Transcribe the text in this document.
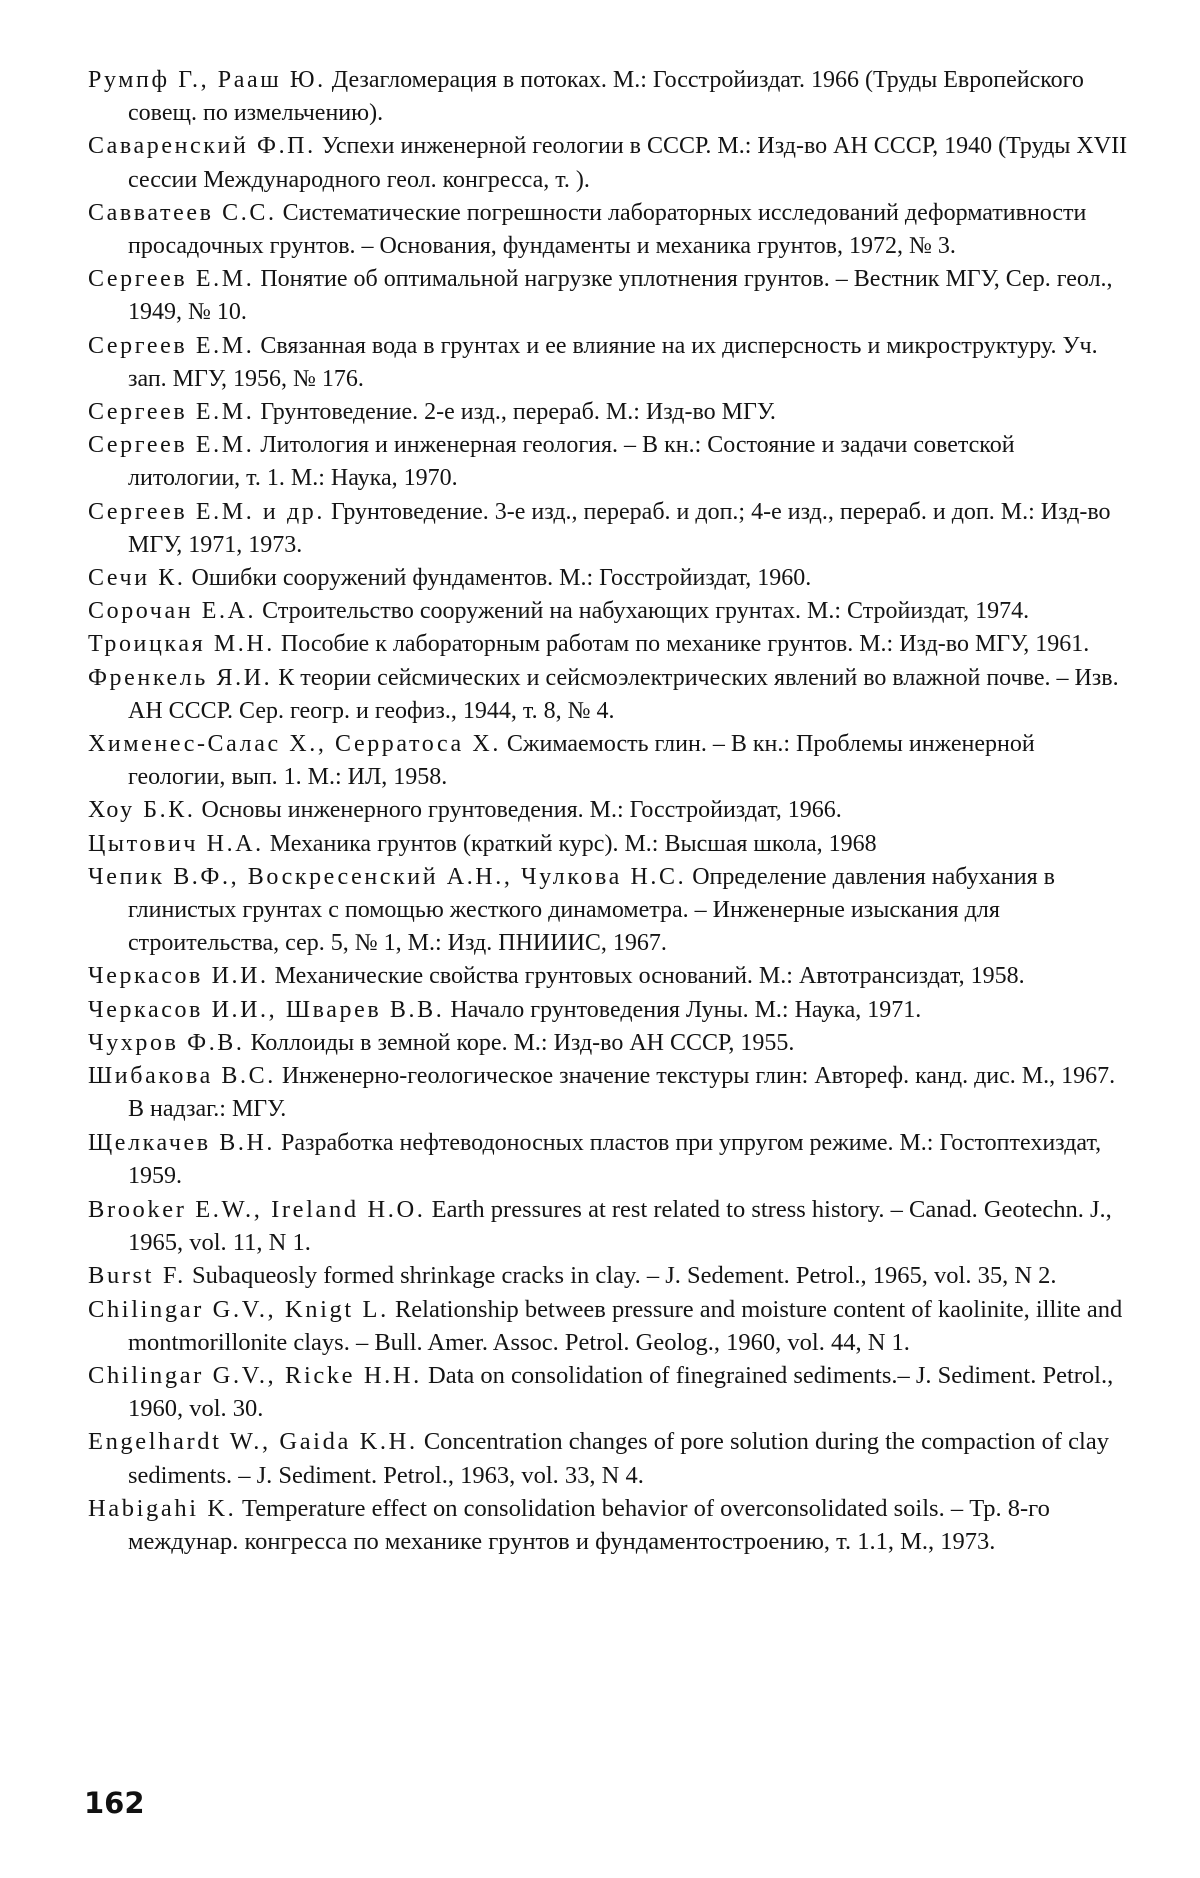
Румпф Г., Рааш Ю. Дезагломерация в потоках. М.: Госстройиздат. 1966 (Труды Европейского совещ. по измельчению).

Саваренский Ф.П. Успехи инженерной геологии в СССР. М.: Изд-во АН СССР, 1940 (Труды XVII сессии Международного геол. конгресса, т. ).

Савватеев С.С. Систематические погрешности лабораторных исследований деформативности просадочных грунтов. – Основания, фундаменты и механика грунтов, 1972, № 3.

Сергеев Е.М. Понятие об оптимальной нагрузке уплотнения грунтов. – Вестник МГУ, Сер. геол., 1949, № 10.

Сергеев Е.М. Связанная вода в грунтах и ее влияние на их дисперсность и микроструктуру. Уч. зап. МГУ, 1956, № 176.

Сергеев Е.М. Грунтоведение. 2-е изд., перераб. М.: Изд-во МГУ.

Сергеев Е.М. Литология и инженерная геология. – В кн.: Состояние и задачи советской литологии, т. 1. М.: Наука, 1970.

Сергеев Е.М. и др. Грунтоведение. 3-е изд., перераб. и доп.; 4-е изд., перераб. и доп. М.: Изд-во МГУ, 1971, 1973.

Сечи К. Ошибки сооружений фундаментов. М.: Госстройиздат, 1960.

Сорочан Е.А. Строительство сооружений на набухающих грунтах. М.: Стройиздат, 1974.

Троицкая М.Н. Пособие к лабораторным работам по механике грунтов. М.: Изд-во МГУ, 1961.

Френкель Я.И. К теории сейсмических и сейсмоэлектрических явлений во влажной почве. – Изв. АН СССР. Сер. геогр. и геофиз., 1944, т. 8, № 4.

Хименес-Салас Х., Серратоса Х. Сжимаемость глин. – В кн.: Проблемы инженерной геологии, вып. 1. М.: ИЛ, 1958.

Хоу Б.К. Основы инженерного грунтоведения. М.: Госстройиздат, 1966.

Цытович Н.А. Механика грунтов (краткий курс). М.: Высшая школа, 1968

Чепик В.Ф., Воскресенский А.Н., Чулкова Н.С. Определение давления набухания в глинистых грунтах с помощью жесткого динамометра. – Инженерные изыскания для строительства, сер. 5, № 1, М.: Изд. ПНИИИС, 1967.

Черкасов И.И. Механические свойства грунтовых оснований. М.: Автотрансиздат, 1958.

Черкасов И.И., Шварев В.В. Начало грунтоведения Луны. М.: Наука, 1971.

Чухров Ф.В. Коллоиды в земной коре. М.: Изд-во АН СССР, 1955.

Шибакова В.С. Инженерно-геологическое значение текстуры глин: Автореф. канд. дис. М., 1967. В надзаг.: МГУ.

Щелкачев В.Н. Разработка нефтеводоносных пластов при упругом режиме. М.: Гостоптехиздат, 1959.

Brooker E.W., Ireland H.O. Earth pressures at rest related to stress history. – Canad. Geotechn. J., 1965, vol. 11, N 1.

Burst F. Subaqueosly formed shrinkage cracks in clay. – J. Sedement. Petrol., 1965, vol. 35, N 2.

Chilingar G.V., Knigt L. Relationship betweeв pressure and moisture content of kaolinite, illite and montmorillonite clays. – Bull. Amer. Assoc. Petrol. Geolog., 1960, vol. 44, N 1.

Chilingar G.V., Ricke H.H. Data on consolidation of finegrained sediments.– J. Sediment. Petrol., 1960, vol. 30.

Engelhardt W., Gaida K.H. Concentration changes of pore solution during the compaction of clay sediments. – J. Sediment. Petrol., 1963, vol. 33, N 4.

Habigahi K. Temperature effect on consolidation behavior of overconsolidated soils. – Тр. 8-го междунар. конгресса по механике грунтов и фундаментостроению, т. 1.1, М., 1973.

162
